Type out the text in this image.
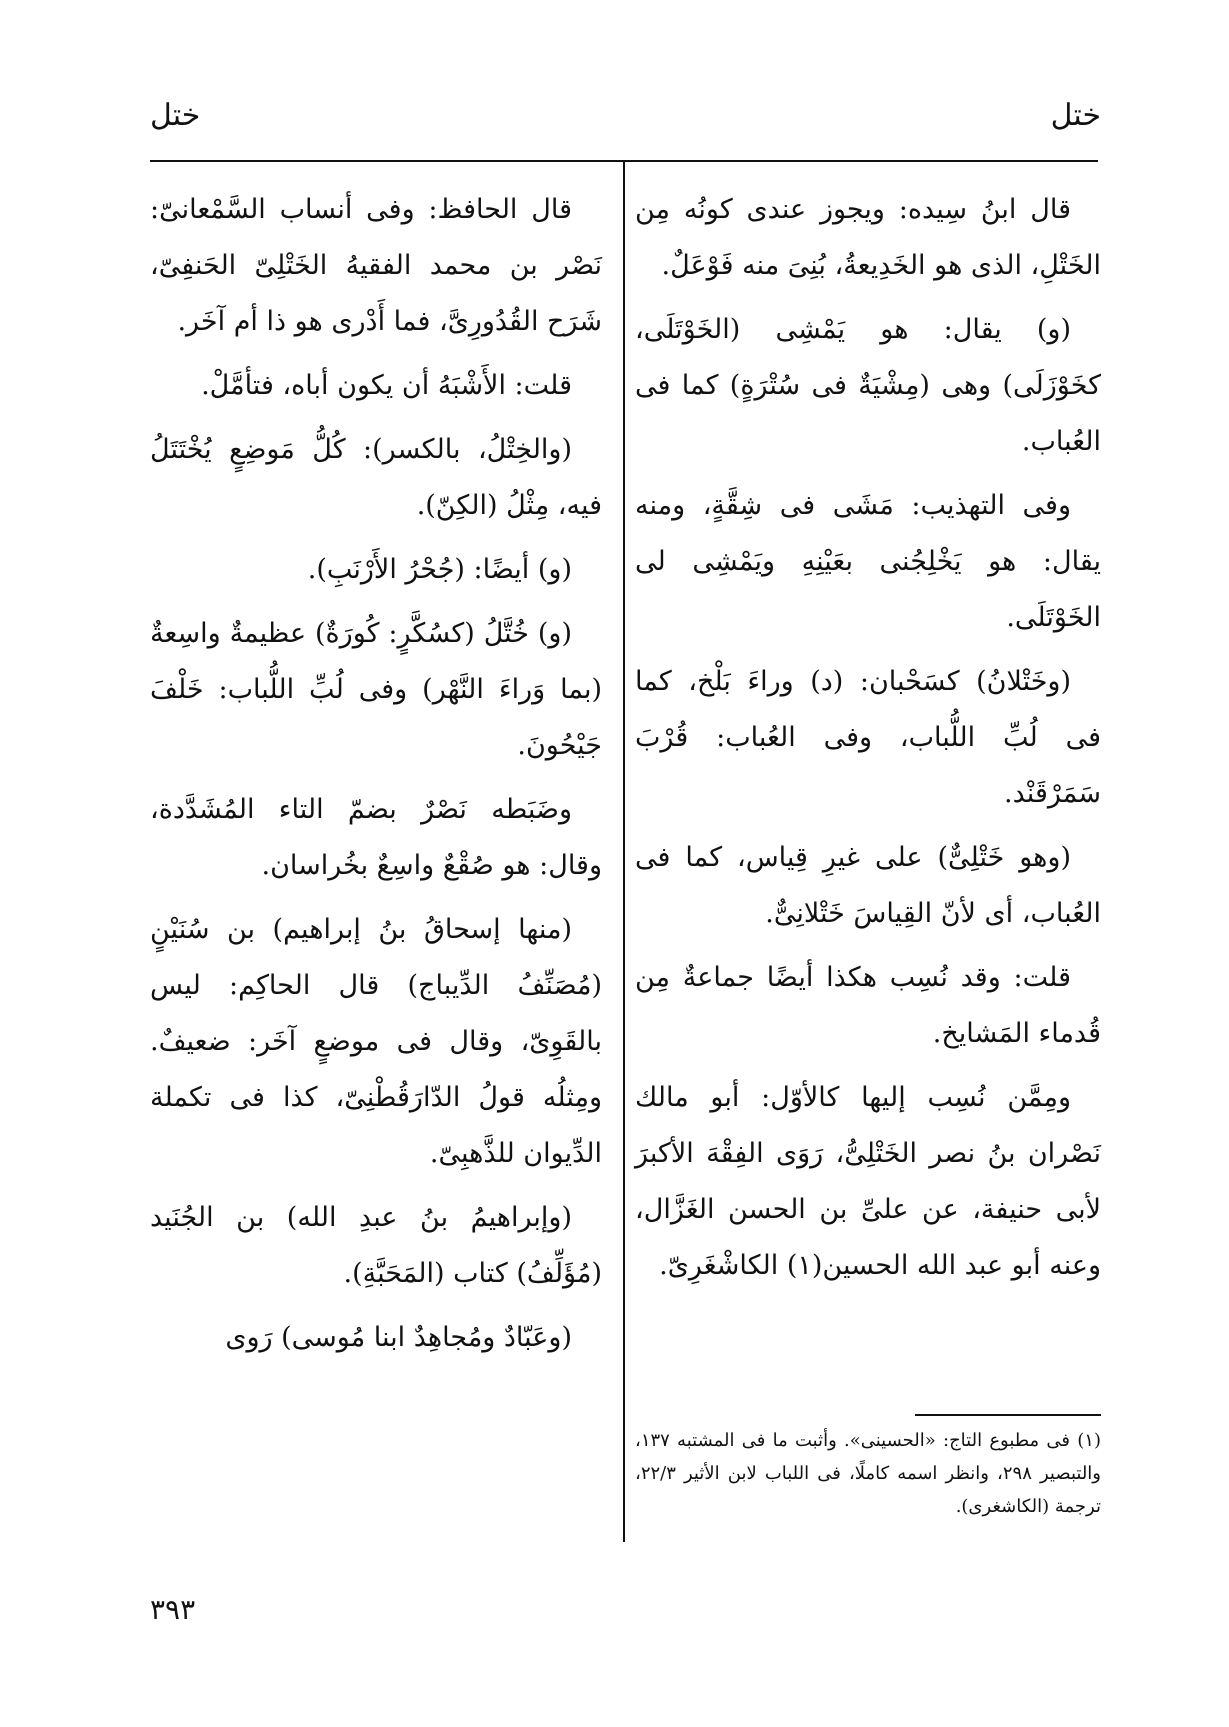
ختل
ختل

قال ابنُ سِيده: ويجوز عندى كونُه مِن الخَتْلِ، الذى هو الخَدِيعةُ، بُنِىَ منه فَوْعَلٌ.

(و) يقال: هو يَمْشِى (الخَوْتَلَى، كخَوْزَلَى) وهى (مِشْيَةٌ فى سُتْرَةٍ) كما فى العُباب.

وفى التهذيب: مَشَى فى شِقَّةٍ، ومنه يقال: هو يَخْلِجُنى بعَيْنِهِ ويَمْشِى لى الخَوْتَلَى.

(وخَتْلانُ) كسَحْبان: (د) وراءَ بَلْخ، كما فى لُبِّ اللُّباب، وفى العُباب: قُرْبَ سَمَرْقَنْد.

(وهو خَتْلِىٌّ) على غيرِ قِياس، كما فى العُباب، أى لأنّ القِياسَ خَتْلانِىٌّ.

قلت: وقد نُسِب هكذا أيضًا جماعةٌ مِن قُدماء المَشايخ.

ومِمَّن نُسِب إليها كالأوّل: أبو مالك نَصْران بنُ نصر الخَتْلِىُّ، رَوَى الفِقْهَ الأكبرَ لأبى حنيفة، عن علىِّ بن الحسن الغَزَّال، وعنه أبو عبد الله الحسين(١) الكاشْغَرِىّ.

قال الحافظ: وفى أنساب السَّمْعانىّ: نَصْر بن محمد الفقيهُ الخَتْلِىّ الحَنفِىّ، شَرَح القُدُورِىَّ، فما أَدْرى هو ذا أم آخَر.

قلت: الأَشْبَهُ أن يكون أباه، فتأمَّلْ.

(والخِتْلُ، بالكسر): كُلُّ مَوضِعٍ يُخْتَتَلُ فيه، مِثْلُ (الكِنّ).

(و) أيضًا: (جُحْرُ الأَرْنَبِ).

(و) خُتَّلُ (كسُكَّرٍ: كُورَةٌ) عظيمةٌ واسِعةٌ (بما وَراءَ النَّهْر) وفى لُبِّ اللُّباب: خَلْفَ جَيْحُونَ.

وضَبَطه نَصْرٌ بضمّ التاء المُشَدَّدة، وقال: هو صُقْعٌ واسِعٌ بخُراسان.

(منها إسحاقُ بنُ إبراهيم) بن سُنَيْنٍ (مُصَنِّفُ الدِّيباج) قال الحاكِم: ليس بالقَوِىّ، وقال فى موضعٍ آخَر: ضعيفٌ. ومِثلُه قولُ الدّارَقُطْنِىّ، كذا فى تكملة الدِّيوان للذَّهبِىّ.

(وإبراهيمُ بنُ عبدِ الله) بن الجُنَيد (مُؤَلِّفُ) كتاب (المَحَبَّةِ).

(وعَبّادٌ ومُجاهِدٌ ابنا مُوسى) رَوى

(١) فى مطبوع التاج: «الحسينى». وأثبت ما فى المشتبه ١٣٧، والتبصير ٢٩٨، وانظر اسمه كاملًا، فى اللباب لابن الأثير ٢٢/٣، ترجمة (الكاشغرى).
٣٩٣
